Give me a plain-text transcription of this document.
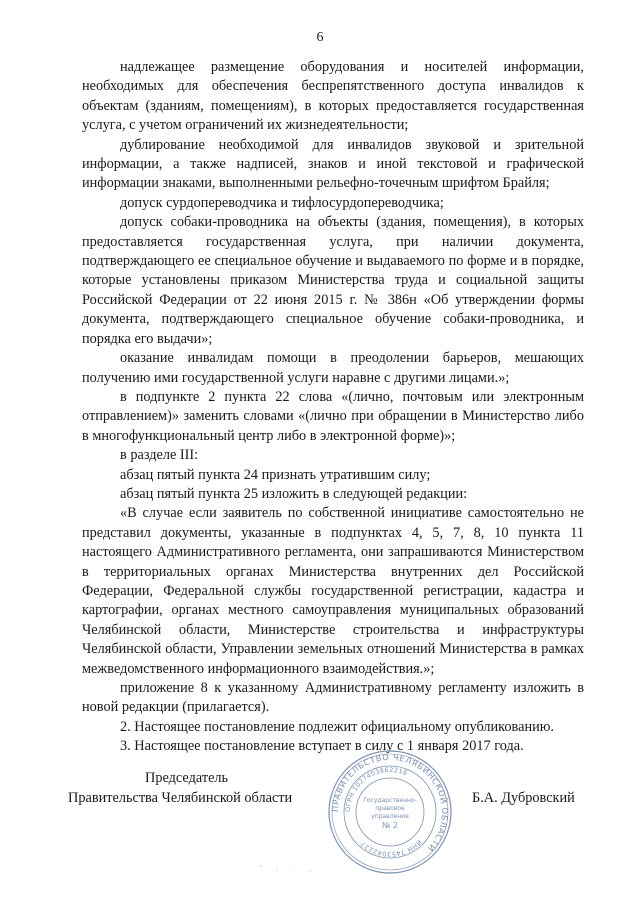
6

надлежащее размещение оборудования и носителей информации, необходимых для обеспечения беспрепятственного доступа инвалидов к объектам (зданиям, помещениям), в которых предоставляется государственная услуга, с учетом ограничений их жизнедеятельности;

дублирование необходимой для инвалидов звуковой и зрительной информации, а также надписей, знаков и иной текстовой и графической информации знаками, выполненными рельефно-точечным шрифтом Брайля;

допуск сурдопереводчика и тифлосурдопереводчика;

допуск собаки-проводника на объекты (здания, помещения), в которых предоставляется государственная услуга, при наличии документа, подтверждающего ее специальное обучение и выдаваемого по форме и в порядке, которые установлены приказом Министерства труда и социальной защиты Российской Федерации от 22 июня 2015 г. № 386н «Об утверждении формы документа, подтверждающего специальное обучение собаки-проводника, и порядка его выдачи»;

оказание инвалидам помощи в преодолении барьеров, мешающих получению ими государственной услуги наравне с другими лицами.»;

в подпункте 2 пункта 22 слова «(лично, почтовым или электронным отправлением)» заменить словами «(лично при обращении в Министерство либо в многофункциональный центр либо в электронной форме)»;

в разделе III:

абзац пятый пункта 24 признать утратившим силу;

абзац пятый пункта 25 изложить в следующей редакции:

«В случае если заявитель по собственной инициативе самостоятельно не представил документы, указанные в подпунктах 4, 5, 7, 8, 10 пункта 11 настоящего Административного регламента, они запрашиваются Министерством в территориальных органах Министерства внутренних дел Российской Федерации, Федеральной службы государственной регистрации, кадастра и картографии, органах местного самоуправления муниципальных образований Челябинской области, Министерстве строительства и инфраструктуры Челябинской области, Управлении земельных отношений Министерства в рамках межведомственного информационного взаимодействия.»;

приложение 8 к указанному Административному регламенту изложить в новой редакции (прилагается).

2. Настоящее постановление подлежит официальному опубликованию.

3. Настоящее постановление вступает в силу с 1 января 2017 года.

ПРАВИТЕЛЬСТВО ЧЕЛЯБИНСКОЙ ОБЛАСТИ
ОГРН 1027403862216
ИНН 7453042227
Государственно-
правовое
управление
№ 2
Председатель
Правительства Челябинской области	Б.А. Дубровский
